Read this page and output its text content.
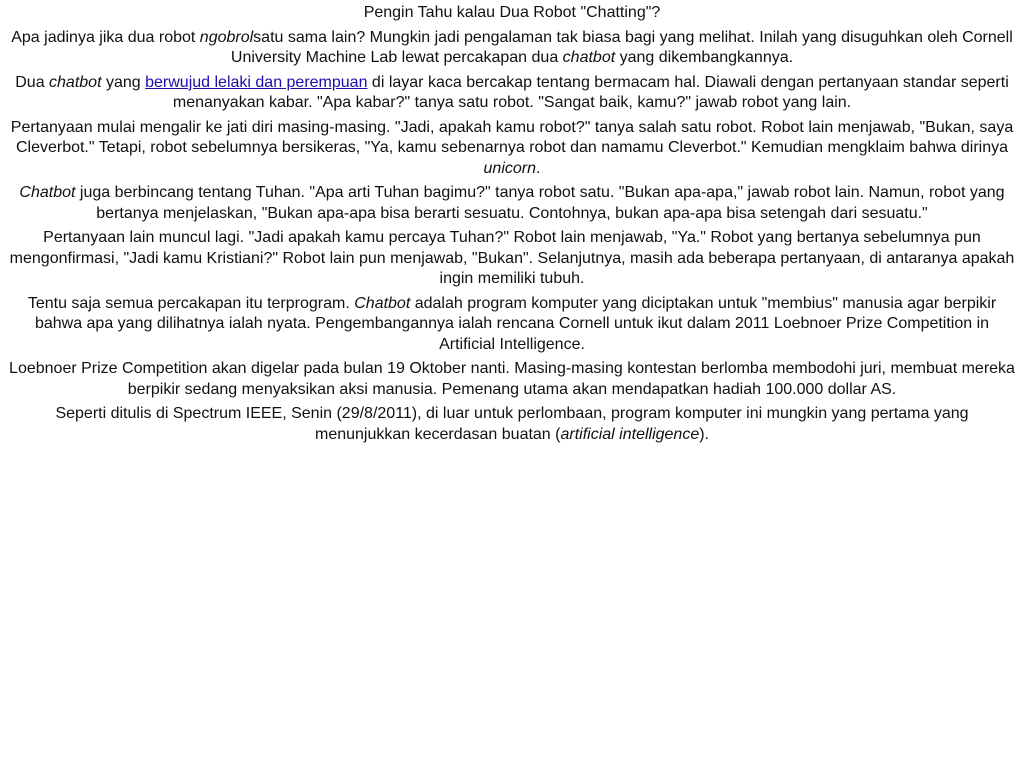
Pengin Tahu kalau Dua Robot "Chatting"?

Apa jadinya jika dua robot ngobrolsatu sama lain? Mungkin jadi pengalaman tak biasa bagi yang melihat. Inilah yang disuguhkan oleh Cornell University Machine Lab lewat percakapan dua chatbot yang dikembangkannya.

Dua chatbot yang berwujud lelaki dan perempuan di layar kaca bercakap tentang bermacam hal. Diawali dengan pertanyaan standar seperti menanyakan kabar. "Apa kabar?" tanya satu robot. "Sangat baik, kamu?" jawab robot yang lain.

Pertanyaan mulai mengalir ke jati diri masing-masing. "Jadi, apakah kamu robot?" tanya salah satu robot. Robot lain menjawab, "Bukan, saya Cleverbot." Tetapi, robot sebelumnya bersikeras, "Ya, kamu sebenarnya robot dan namamu Cleverbot." Kemudian mengklaim bahwa dirinya unicorn.

Chatbot juga berbincang tentang Tuhan. "Apa arti Tuhan bagimu?" tanya robot satu. "Bukan apa-apa," jawab robot lain. Namun, robot yang bertanya menjelaskan, "Bukan apa-apa bisa berarti sesuatu. Contohnya, bukan apa-apa bisa setengah dari sesuatu."

Pertanyaan lain muncul lagi. "Jadi apakah kamu percaya Tuhan?" Robot lain menjawab, "Ya." Robot yang bertanya sebelumnya pun mengonfirmasi, "Jadi kamu Kristiani?" Robot lain pun menjawab, "Bukan". Selanjutnya, masih ada beberapa pertanyaan, di antaranya apakah ingin memiliki tubuh.

Tentu saja semua percakapan itu terprogram. Chatbot adalah program komputer yang diciptakan untuk "membius" manusia agar berpikir bahwa apa yang dilihatnya ialah nyata. Pengembangannya ialah rencana Cornell untuk ikut dalam 2011 Loebnoer Prize Competition in Artificial Intelligence.

Loebnoer Prize Competition akan digelar pada bulan 19 Oktober nanti. Masing-masing kontestan berlomba membodohi juri, membuat mereka berpikir sedang menyaksikan aksi manusia. Pemenang utama akan mendapatkan hadiah 100.000 dollar AS.

Seperti ditulis di Spectrum IEEE, Senin (29/8/2011), di luar untuk perlombaan, program komputer ini mungkin yang pertama yang menunjukkan kecerdasan buatan (artificial intelligence).
